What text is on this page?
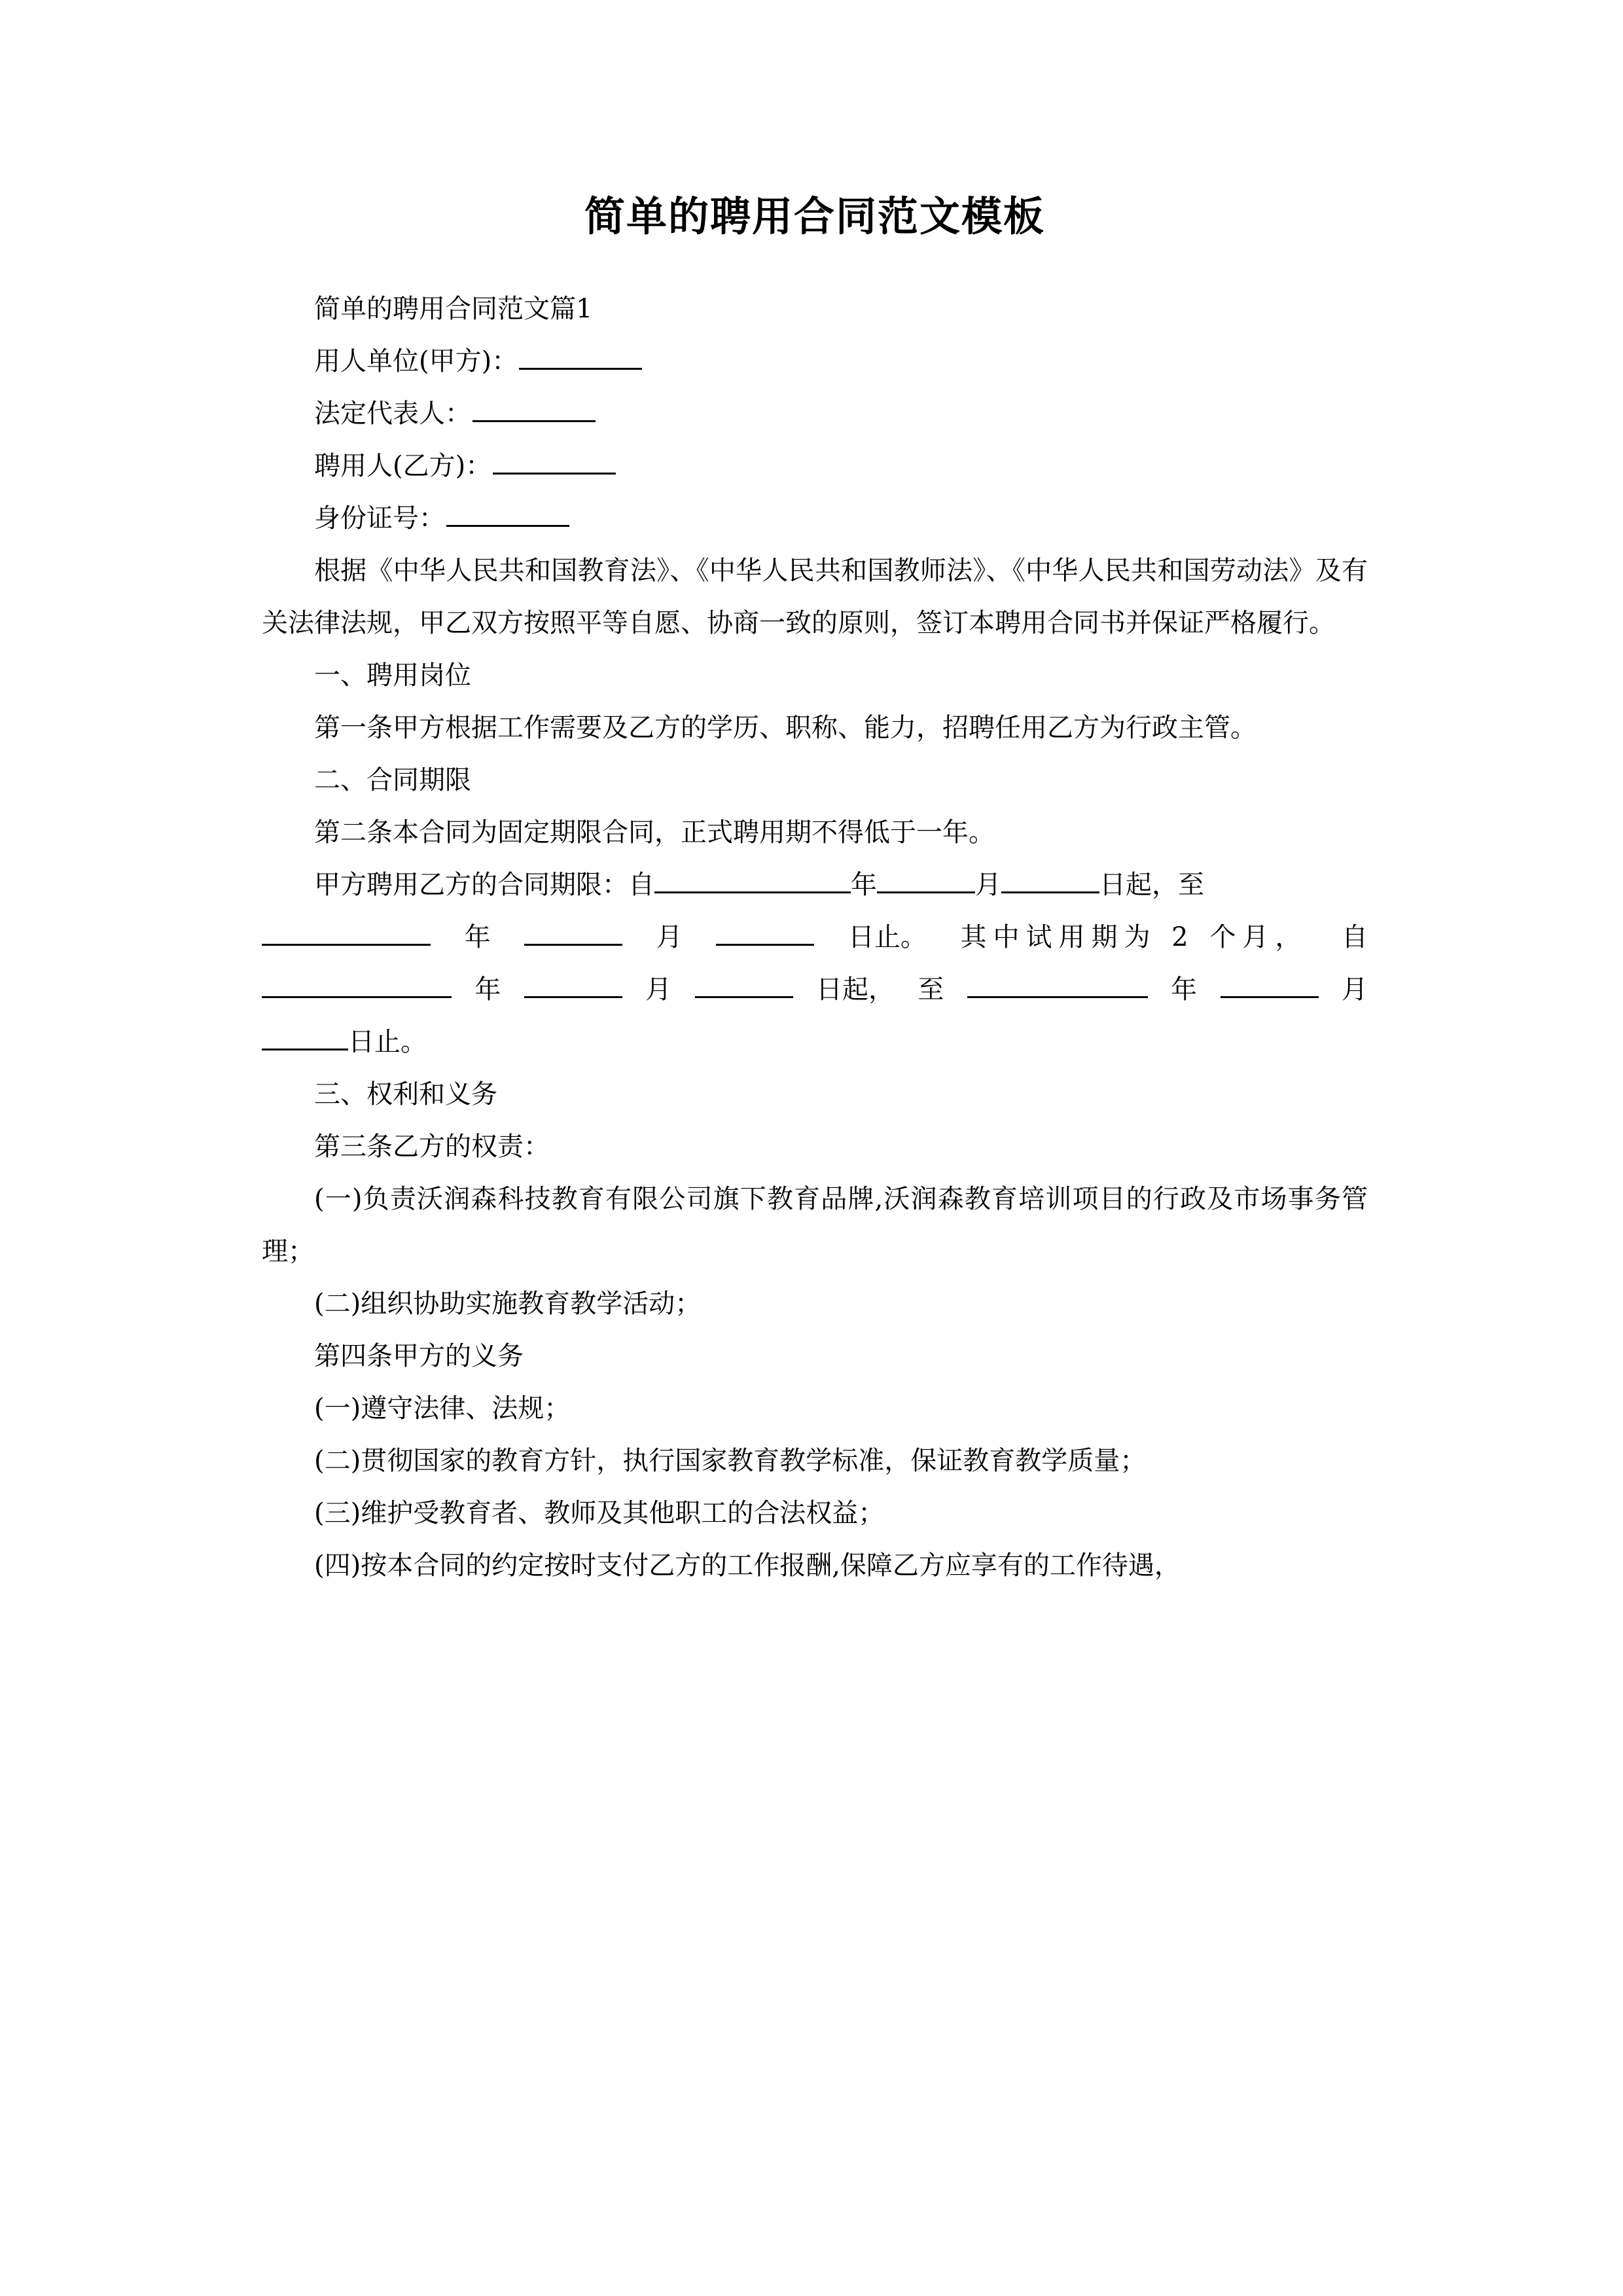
简单的聘用合同范文模板

简单的聘用合同范文篇1

用人单位(甲方)：

法定代表人：

聘用人(乙方)：

身份证号：

根据《中华人民共和国教育法》、《中华人民共和国教师法》、《中华人民共和国劳动法》及有关法律法规，甲乙双方按照平等自愿、协商一致的原则，签订本聘用合同书并保证严格履行。

一、聘用岗位

第一条甲方根据工作需要及乙方的学历、职称、能力，招聘任用乙方为行政主管。

二、合同期限

第二条本合同为固定期限合同，正式聘用期不得低于一年。

甲方聘用乙方的合同期限：自	年	月	日起，至

年	月	日止。 其中试用期为 2 个月， 自

年	月	日起， 至	年	月

日止。

三、权利和义务

第三条乙方的权责：

(一)负责沃润森科技教育有限公司旗下教育品牌,沃润森教育培训项目的行政及市场事务管理；

(二)组织协助实施教育教学活动；

第四条甲方的义务

(一)遵守法律、法规；

(二)贯彻国家的教育方针，执行国家教育教学标准，保证教育教学质量；

(三)维护受教育者、教师及其他职工的合法权益；

(四)按本合同的约定按时支付乙方的工作报酬,保障乙方应享有的工作待遇，
